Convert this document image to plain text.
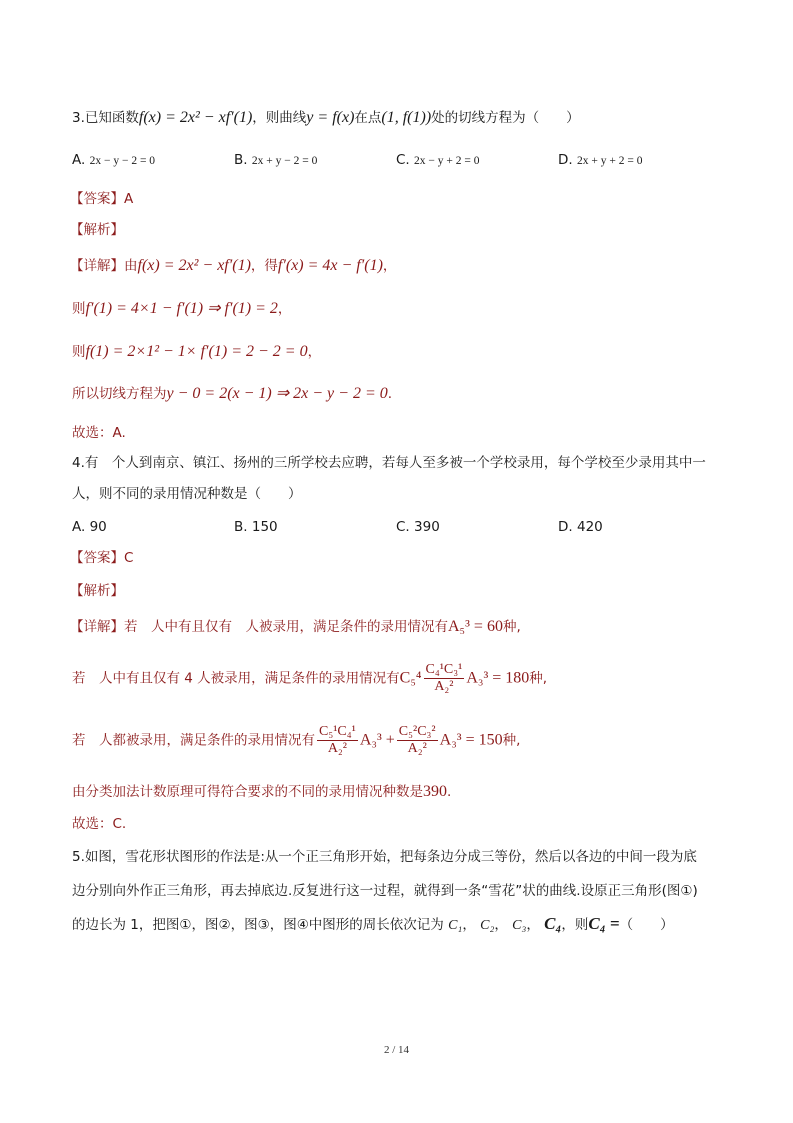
3.已知函数f(x) = 2x² − xf′(1)，则曲线y = f(x)在点(1, f(1))处的切线方程为（　　）
A. 2x − y − 2 = 0	B. 2x + y − 2 = 0	C. 2x − y + 2 = 0	D. 2x + y + 2 = 0
【答案】A
【解析】
【详解】由f(x) = 2x² − xf′(1)，得f′(x) = 4x − f′(1)，
则f′(1) = 4×1 − f′(1) ⇒ f′(1) = 2，
则f(1) = 2×1² − 1× f′(1) = 2 − 2 = 0，
所以切线方程为y − 0 = 2(x − 1) ⇒ 2x − y − 2 = 0.
故选：A.
4.有　个人到南京、镇江、扬州的三所学校去应聘，若每人至多被一个学校录用，每个学校至少录用其中一
人，则不同的录用情况种数是（　　）
A. 90	B. 150	C. 390	D. 420
【答案】C
【解析】
【详解】若　人中有且仅有　人被录用，满足条件的录用情况有A₅³ = 60种,
若　人中有且仅有 4 人被录用，满足条件的录用情况有$C_5^4 \frac{\text{C₄¹C₃¹}}{\text{A₂²}} A_3^3 = 180$种,
若　人都被录用，满足条件的录用情况有 $\frac{\text{C₅¹C₄¹}}{\text{A₂²}} A_3^3 + \frac{\text{C₅²C₃²}}{\text{A₂²}} A_3^3 = 150$种,
由分类加法计数原理可得符合要求的不同的录用情况种数是390.
故选：C.
5.如图，雪花形状图形的作法是:从一个正三角形开始，把每条边分成三等份，然后以各边的中间一段为底
边分别向外作正三角形，再去掉底边.反复进行这一过程，就得到一条“雪花”状的曲线.设原正三角形(图①)
的边长为 1，把图①，图②，图③，图④中图形的周长依次记为 C₁， C₂， C₃， C₄，则C₄ =（　　）
2 / 14
